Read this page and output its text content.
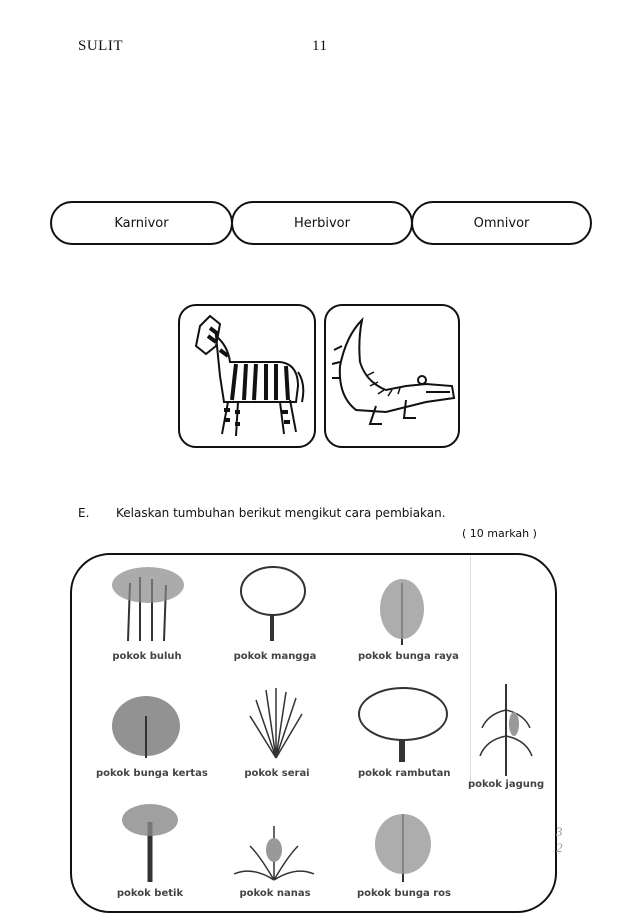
SULIT	11
Karnivor	Herbivor	Omnivor
E. Kelaskan tumbuhan berikut mengikut cara pembiakan.
( 10 markah )
pokok buluh	pokok mangga	pokok bunga raya
pokok bunga kertas	pokok serai	pokok rambutan
pokok jagung
pokok betik	pokok nanas	pokok bunga ros
3
2
